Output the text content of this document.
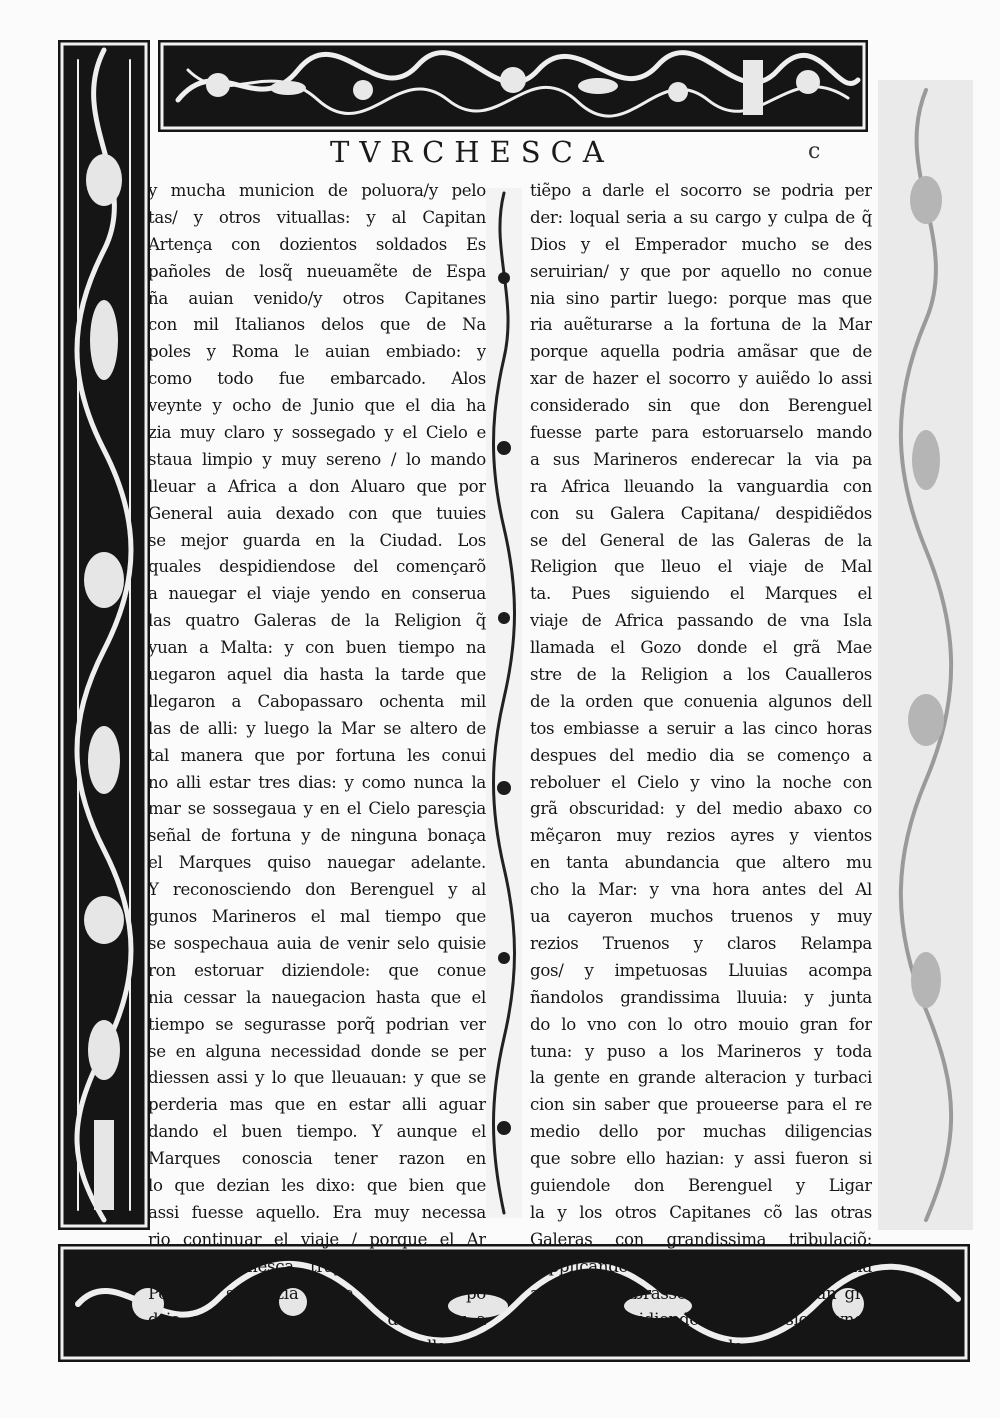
TVRCHESCA	c
y mucha municion de poluora/y pelo
tas/ y otros vituallas: y al Capitan
Artença con dozientos soldados Es
pañoles de losq̃ nueuamẽte de Espa
ña auian venido/y otros Capitanes
con mil Italianos delos que de Na
poles y Roma le auian embiado: y
como todo fue embarcado. Alos
veynte y ocho de Junio que el dia ha
zia muy claro y sossegado y el Cielo e
staua limpio y muy sereno / lo mando
lleuar a Africa a don Aluaro que por
General auia dexado con que tuuies
se mejor guarda en la Ciudad. Los
quales despidiendose del començarõ
a nauegar el viaje yendo en conserua
las quatro Galeras de la Religion q̃
yuan a Malta: y con buen tiempo na
uegaron aquel dia hasta la tarde que
llegaron a Cabopassaro ochenta mil
las de alli: y luego la Mar se altero de
tal manera que por fortuna les conui
no alli estar tres dias: y como nunca la
mar se sossegaua y en el Cielo paresçia
señal de fortuna y de ninguna bonaça
el Marques quiso nauegar adelante.
Y reconosciendo don Berenguel y al
gunos Marineros el mal tiempo que
se sospechaua auia de venir selo quisie
ron estoruar diziendole: que conue
nia cessar la nauegacion hasta que el
tiempo se segurasse porq̃ podrian ver
se en alguna necessidad donde se per
diessen assi y lo que lleuauan: y que se
perderia mas que en estar alli aguar
dando el buen tiempo. Y aunque el
Marques conoscia tener razon en
lo que dezian les dixo: que bien que
assi fuesse aquello. Era muy necessa
rio continuar el viaje / porque el Ar
mada Turchesca traya el viento en
Popa: y se dezia venia a passa y po
dria ser que con designio de ganar a
Africa/ y que por no llegar a ella con
tiẽpo a darle el socorro se podria per
der: loqual seria a su cargo y culpa de q̃
Dios y el Emperador mucho se des
seruirian/ y que por aquello no conue
nia sino partir luego: porque mas que
ria auẽturarse a la fortuna de la Mar
porque aquella podria amãsar que de
xar de hazer el socorro y auiẽdo lo assi
considerado sin que don Berenguel
fuesse parte para estoruarselo mando
a sus Marineros enderecar la via pa
ra Africa lleuando la vanguardia con
con su Galera Capitana/ despidiẽdos
se del General de las Galeras de la
Religion que lleuo el viaje de Mal
ta. Pues siguiendo el Marques el
viaje de Africa passando de vna Isla
llamada el Gozo donde el grã Mae
stre de la Religion a los Caualleros
de la orden que conuenia algunos dell
tos embiasse a seruir a las cinco horas
despues del medio dia se començo a
reboluer el Cielo y vino la noche con
grã obscuridad: y del medio abaxo co
mẽçaron muy rezios ayres y vientos
en tanta abundancia que altero mu
cho la Mar: y vna hora antes del Al
ua cayeron muchos truenos y muy
rezios Truenos y claros Relampa
gos/ y impetuosas Lluuias acompa
ñandolos grandissima lluuia: y junta
do lo vno con lo otro mouio gran for
tuna: y puso a los Marineros y toda
la gente en grande alteracion y turbaci
cion sin saber que proueerse para el re
medio dello por muchas diligencias
que sobre ello hazian: y assi fueron si
guiendole don Berenguel y Ligar
la y los otros Capitanes cõ las otras
Galeras con grandissima tribulaciõ:
supplicando toda la gente Christiana
a Dios los librasse y sacasse de tan grã
peligro y pidiendose confession vnos
a otros/ y oyendose de penitencia co
